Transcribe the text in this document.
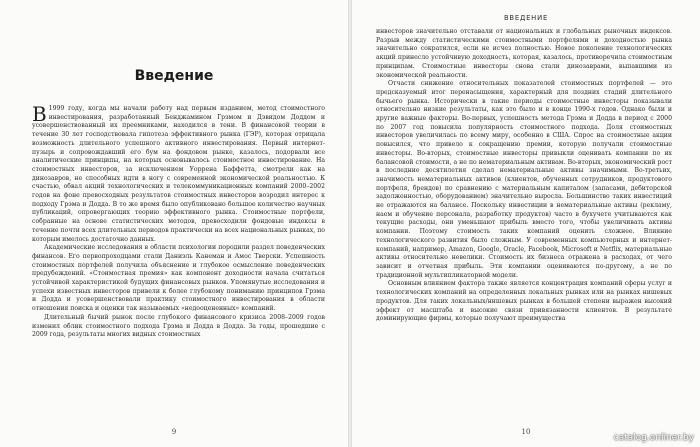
Введение

В 1999 году, когда мы начали работу над первым изданием, метод стоимостного инвестирования, разработанный Бенджамином Грэмом и Дэвидом Доддом и усовершенствованный их преемниками, находился в тени. В финансовой теории в течение 30 лет господствовала гипотеза эффективного рынка (ГЭР), которая отрицала возможность длительного успешного активного инвестирования. Первый интернет-пузырь и сопровождавший его бум на фондовом рынке, казалось, подорвали все аналитические принципы, на которых основывалось стоимостное инвестирование. На стоимостных инвесторов, за исключением Уоррена Баффетта, смотрели как на динозавров, не способных идти в ногу с современной экономической реальностью. К счастью, обвал акций технологических и телекоммуникационных компаний 2000–2002 годов на фоне превосходных результатов стоимостных инвесторов возродил интерес к подходу Грэма и Додда. В то же время было опубликовано большое количество научных публикаций, опровергающих теорию эффективного рынка. Стоимостные портфели, собранные на основе статистических методов, превосходили фондовые индексы в течение почти всех длительных периодов практически на всех национальных рынках, по которым имелось достаточно данных.

Академические исследования в области психологии породили раздел поведенческих финансов. Его первопроходцами стали Даниэль Канеман и Амос Тверски. Успешность стоимостных портфелей получила объяснение и глубокое осмысление поведенческих предубеждений. «Стоимостная премия» как компонент доходности начала считаться устойчивой характеристикой будущих финансовых рынков. Упомянутые исследования и успехи известных инвесторов привели к более глубокому пониманию принципов Грэма и Додда и усовершенствовали практику стоимостного инвестирования в области отношения поиска и оценки так называемых «недооцененных» компаний.

Длительный бычий рынок после глубокого финансового кризиса 2008–2009 годов изменил облик стоимостного подхода Грэма и Додда в Додда. За годы, прошедшие с 2009 года, результаты многих видных стоимостных

9
ВВЕДЕНИЕ

инвесторов значительно отставали от национальных и глобальных рыночных индексов. Разрыв между статистическими стоимостными портфелями и доходностью рынка значительно сократился, если не исчез полностью. Новое поколение технологических акций принесло устойчивую доходность, которая, казалось, противоречила стоимостным принципам. Стоимостные инвесторы снова стали динозаврами, выпавшими из экономической реальности.

Отчасти снижение относительных показателей стоимостных портфелей — это предсказуемый итог перенасыщения, характерный для поздних стадий длительного бычьего рынка. Исторически в такие периоды стоимостные инвесторы показывали относительно низкие результаты, как это было и в конце 1990-х годов. Однако были и другие важные факторы. Во-первых, успешность метода Грэма и Додда в период с 2000 по 2007 год повысила популярность стоимостного подхода. Доля стоимостных инвесторов увеличилась по всему миру, особенно в США. Спрос на стоимостные акции повысился, что привело к сокращению премии, которую получали стоимостные инвесторы. Во-вторых, стоимостные инвесторы привыкли оценивать компании по их балансовой стоимости, а не по нематериальным активам. Во-вторых, экономический рост в последние десятилетия сделал нематериальные активы значимыми. Во-третьих, значимость нематериальных активов (клиентов, обученных сотрудников, продуктового портфеля, брендов) по сравнению с материальным капиталом (запасами, дебиторской задолженностью, оборудованием) значительно выросла. Большинство таких инвестиций не отражаются на балансе. Поскольку инвестиции в нематериальные активы (рекламу, наем и обучение персонала, разработку продуктов) часто в бухучете учитываются как текущие расходы, они уменьшают прибыль вместо того, чтобы увеличивать активы компании. Поэтому стоимость таких компаний оценить сложнее. Влияние технологического развития было сложным. У современных компьютерных и интернет-компаний, например, Amazon, Google, Oracle, Facebook, Microsoft и Netflix, материальные активы относительно невелики. Стоимость их бизнеса отражена в расходах, от чего зависит и отчетная прибыль. Эти компании оцениваются по-другому, а не по традиционной мультипликаторной модели.

Основным влиянием фактора также является концентрация компаний сферы услуг и технологических компаний на определенных локальных рынках или на рынках нишевых продуктов. Для таких локальных/нишевых рынках в большей степени выражен высокий эффект от масштаба и высокие связи привязанности клиентов. В результате доминирующие фирмы, которые получают преимущества

10
catalog.onliner.by
